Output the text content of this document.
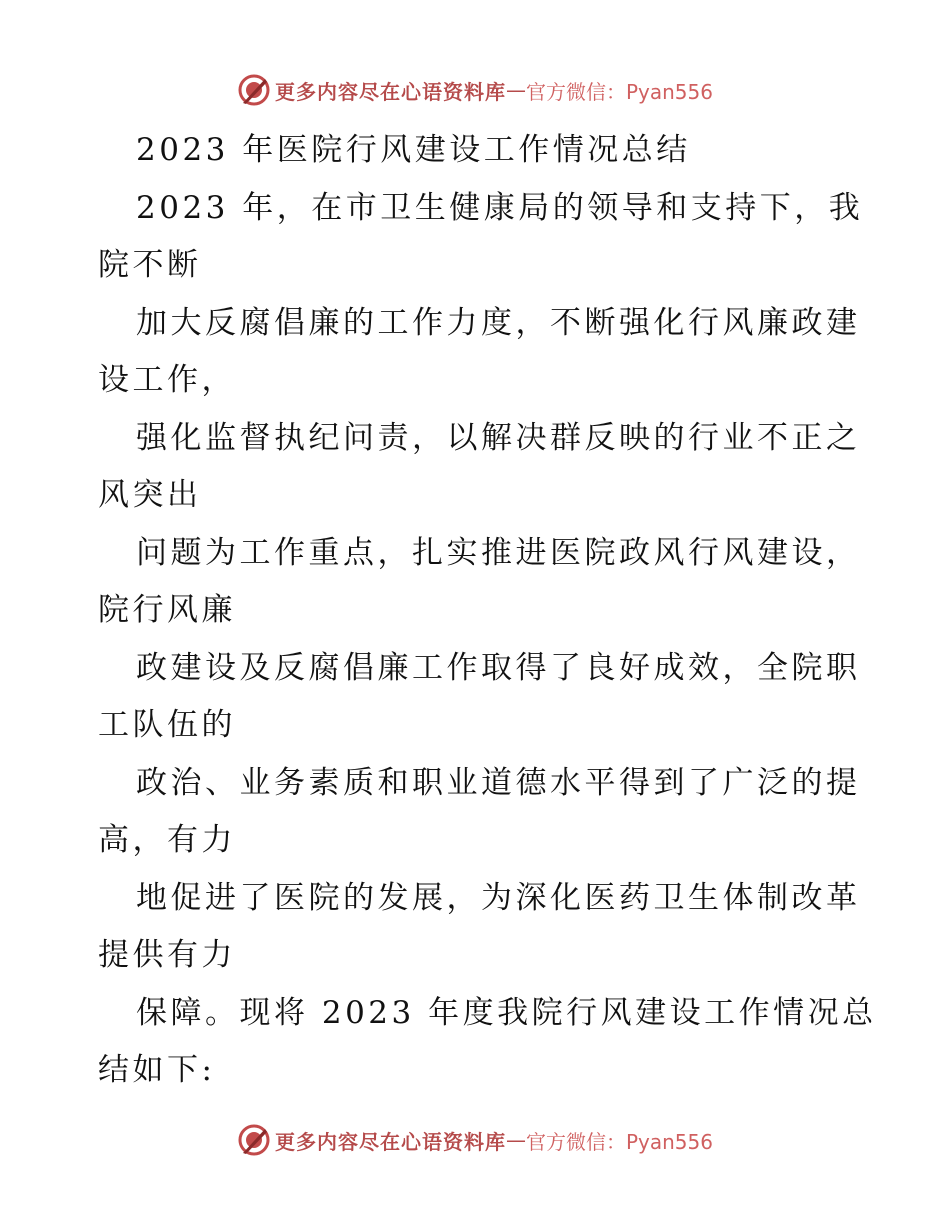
更多内容尽在心语资料库 — 官方微信：Pyan556
2023 年医院行风建设工作情况总结
2023 年，在市卫生健康局的领导和支持下，我
院不断
加大反腐倡廉的工作力度，不断强化行风廉政建
设工作，
强化监督执纪问责，以解决群反映的行业不正之
风突出
问题为工作重点，扎实推进医院政风行风建设，
院行风廉
政建设及反腐倡廉工作取得了良好成效，全院职
工队伍的
政治、业务素质和职业道德水平得到了广泛的提
高，有力
地促进了医院的发展，为深化医药卫生体制改革
提供有力
保障。现将 2023 年度我院行风建设工作情况总
结如下:
更多内容尽在心语资料库 — 官方微信：Pyan556
